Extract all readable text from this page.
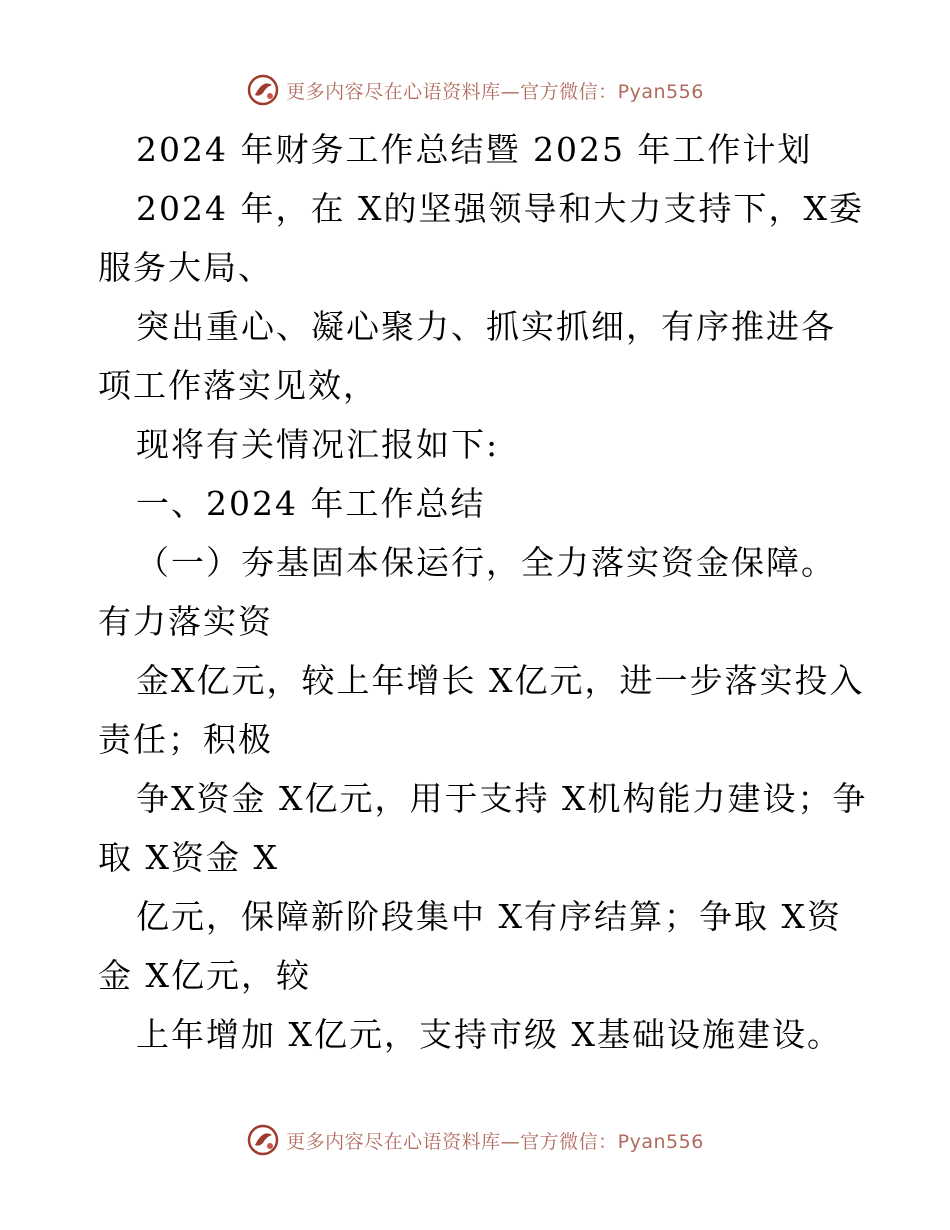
更多内容尽在心语资料库—官方微信：Pyan556

2024 年财务工作总结暨 2025 年工作计划

2024 年，在 X的坚强领导和大力支持下，X委服务大局、

突出重心、凝心聚力、抓实抓细，有序推进各项工作落实见效，

现将有关情况汇报如下:

一、2024 年工作总结

（一）夯基固本保运行，全力落实资金保障。有力落实资

金X亿元，较上年增长 X亿元，进一步落实投入责任；积极

争X资金 X亿元，用于支持 X机构能力建设；争取 X资金 X

亿元，保障新阶段集中 X有序结算；争取 X资金 X亿元，较

上年增加 X亿元，支持市级 X基础设施建设。

更多内容尽在心语资料库—官方微信：Pyan556
